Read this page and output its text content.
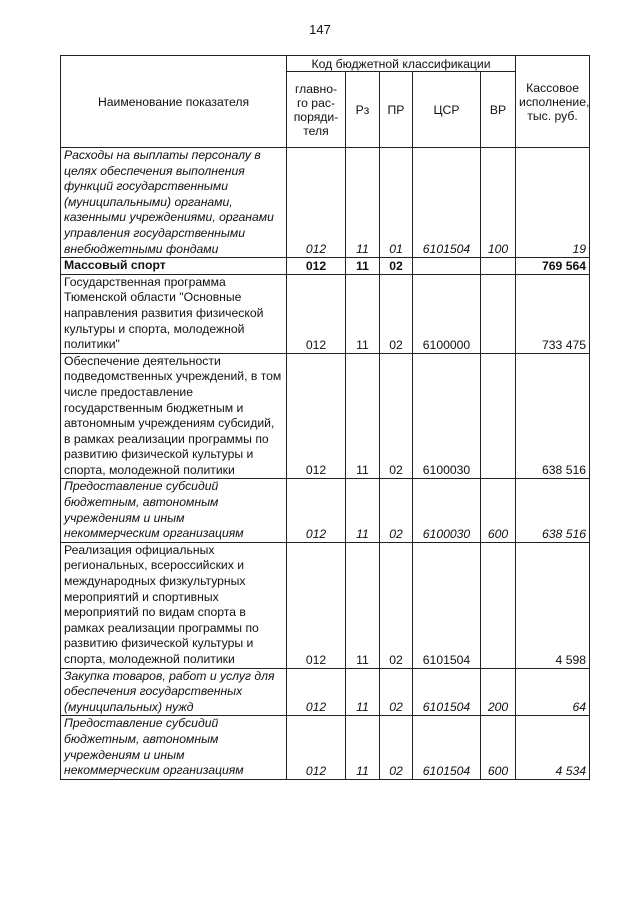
147
Наименование показателя	Код бюджетной классификации					Кассовое исполнение, тыс. руб.
	главно-го рас-поряди-теля	Рз	ПР	ЦСР	ВР	
Расходы на выплаты персоналу в целях обеспечения выполнения функций государственными (муниципальными) органами, казенными учреждениями, органами управления государственными внебюджетными фондами	012	11	01	6101504	100	19
Массовый спорт	012	11	02			769 564
Государственная программа Тюменской области "Основные направления развития физической культуры и спорта, молодежной политики"	012	11	02	6100000		733 475
Обеспечение деятельности подведомственных учреждений, в том числе предоставление государственным бюджетным и автономным учреждениям субсидий, в рамках реализации программы по развитию физической культуры и спорта, молодежной политики	012	11	02	6100030		638 516
Предоставление субсидий бюджетным, автономным учреждениям и иным некоммерческим организациям	012	11	02	6100030	600	638 516
Реализация официальных региональных, всероссийских и международных физкультурных мероприятий и спортивных мероприятий по видам спорта в рамках реализации программы по развитию физической культуры и спорта, молодежной политики	012	11	02	6101504		4 598
Закупка товаров, работ и услуг для обеспечения государственных (муниципальных) нужд	012	11	02	6101504	200	64
Предоставление субсидий бюджетным, автономным учреждениям и иным некоммерческим организациям	012	11	02	6101504	600	4 534
